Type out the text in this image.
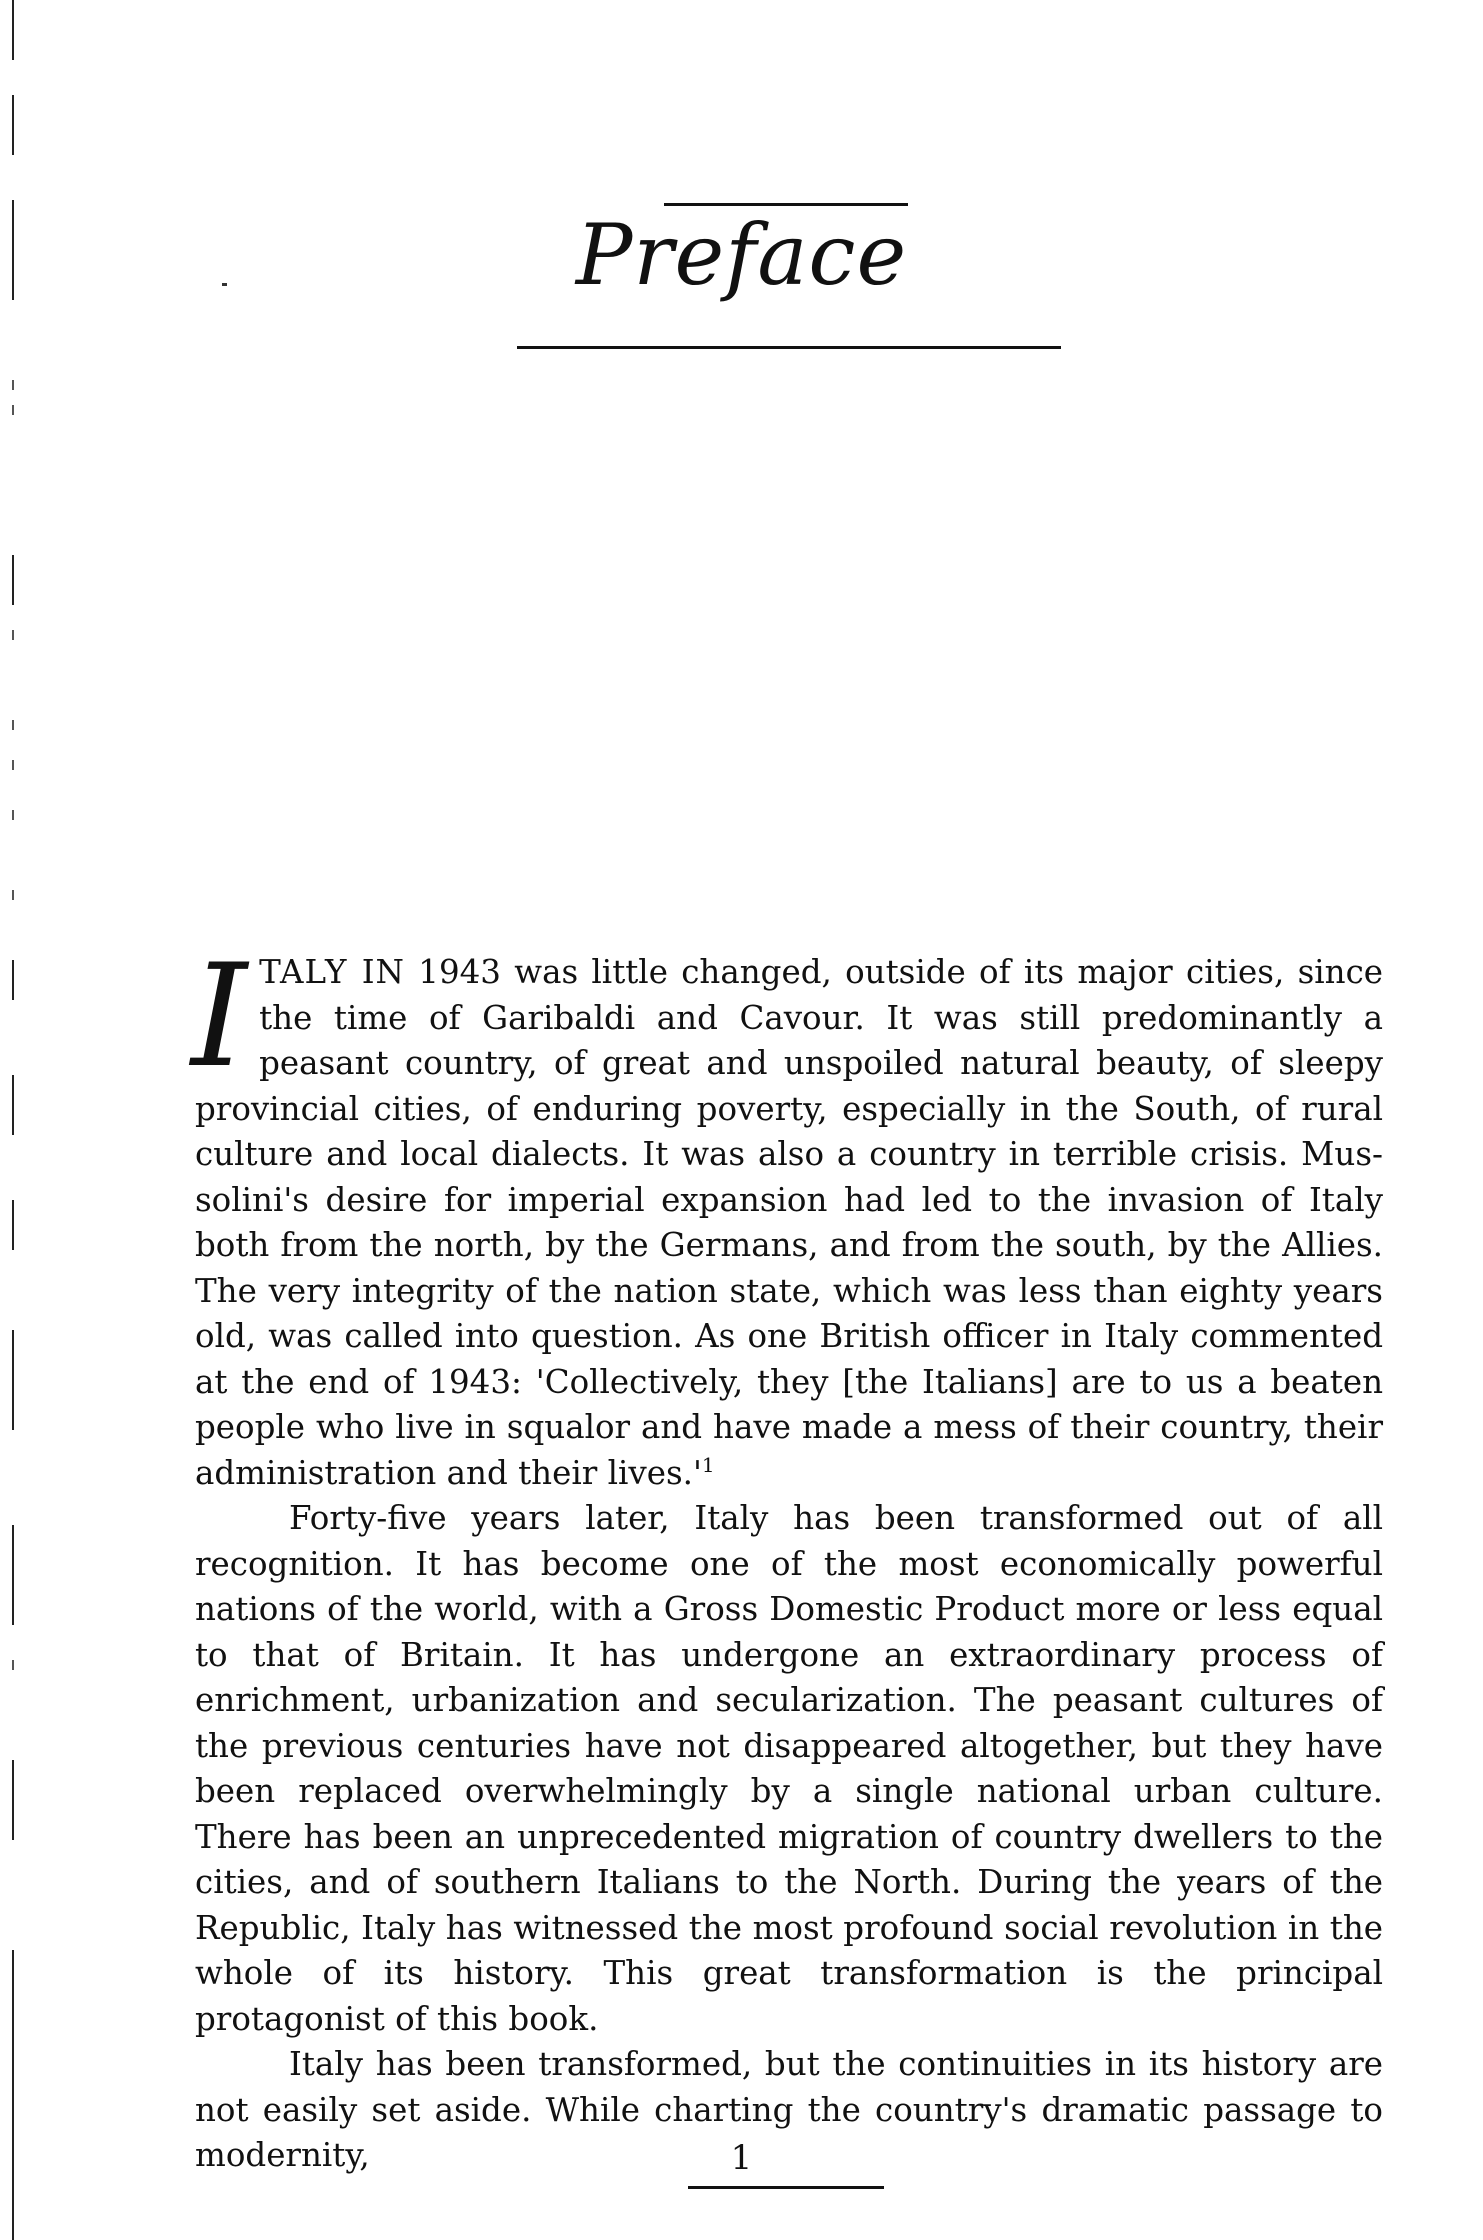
Preface

ITALY IN 1943 was little changed, outside of its major cities, since the time of Garibaldi and Cavour. It was still predominantly a peasant country, of great and unspoiled natural beauty, of sleepy provincial cities, of enduring poverty, especially in the South, of rural culture and local dialects. It was also a country in terrible crisis. Mussolini's desire for imperial expansion had led to the invasion of Italy both from the north, by the Germans, and from the south, by the Allies. The very integrity of the nation state, which was less than eighty years old, was called into question. As one British officer in Italy commented at the end of 1943: 'Collectively, they [the Italians] are to us a beaten people who live in squalor and have made a mess of their country, their administration and their lives.'$^1$

Forty-five years later, Italy has been transformed out of all recognition. It has become one of the most economically powerful nations of the world, with a Gross Domestic Product more or less equal to that of Britain. It has undergone an extraordinary process of enrichment, urbanization and secularization. The peasant cultures of the previous centuries have not disappeared altogether, but they have been replaced overwhelmingly by a single national urban culture. There has been an unprecedented migration of country dwellers to the cities, and of southern Italians to the North. During the years of the Republic, Italy has witnessed the most profound social revolution in the whole of its history. This great transformation is the principal protagonist of this book.

Italy has been transformed, but the continuities in its history are not easily set aside. While charting the country's dramatic passage to modernity,	1
